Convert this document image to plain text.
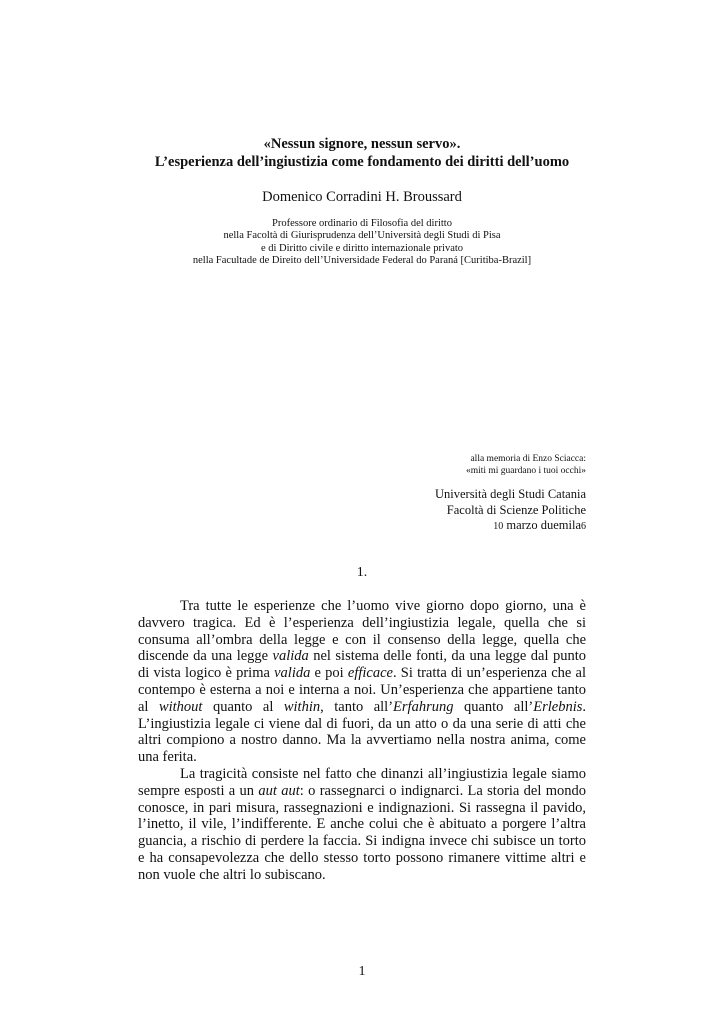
«Nessun signore, nessun servo».
L’esperienza dell’ingiustizia come fondamento dei diritti dell’uomo
Domenico Corradini H. Broussard
Professore ordinario di Filosofia del diritto
nella Facoltà di Giurisprudenza dell’Università degli Studi di Pisa
e di Diritto civile e diritto internazionale privato
nella Facultade de Direito dell’Universidade Federal do Paraná [Curitiba-Brazil]
alla memoria di Enzo Sciacca:
«miti mi guardano i tuoi occhi»
Università degli Studi Catania
Facoltà di Scienze Politiche
10 marzo duemila6
1.

Tra tutte le esperienze che l’uomo vive giorno dopo giorno, una è davvero tragica. Ed è l’esperienza dell’ingiustizia legale, quella che si consuma all’ombra della legge e con il consenso della legge, quella che discende da una legge valida nel sistema delle fonti, da una legge dal punto di vista logico è prima valida e poi efficace. Si tratta di un’esperienza che al contempo è esterna a noi e interna a noi. Un’esperienza che appartiene tanto al without quanto al within, tanto all’Erfahrung quanto all’Erlebnis. L’ingiustizia legale ci viene dal di fuori, da un atto o da una serie di atti che altri compiono a nostro danno. Ma la avvertiamo nella nostra anima, come una ferita.

La tragicità consiste nel fatto che dinanzi all’ingiustizia legale siamo sempre esposti a un aut aut: o rassegnarci o indignarci. La storia del mondo conosce, in pari misura, rassegnazioni e indignazioni. Si rassegna il pavido, l’inetto, il vile, l’indifferente. E anche colui che è abituato a porgere l’altra guancia, a rischio di perdere la faccia. Si indigna invece chi subisce un torto e ha consapevolezza che dello stesso torto possono rimanere vittime altri e non vuole che altri lo subiscano.

1
